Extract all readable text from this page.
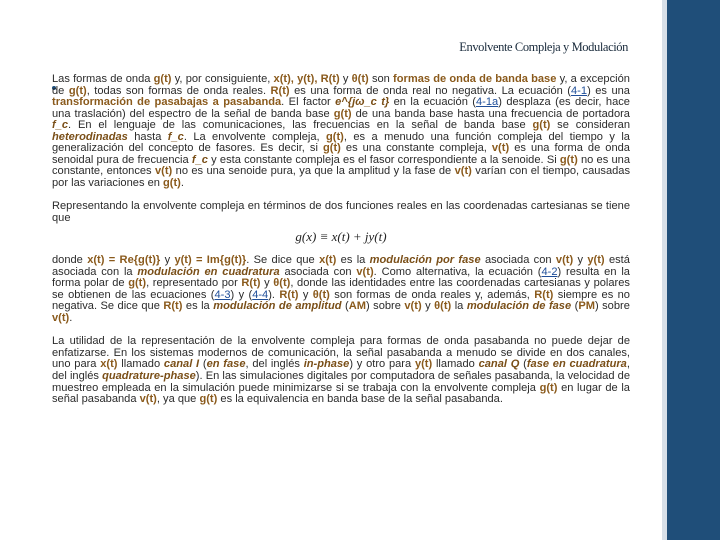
Envolvente Compleja y Modulación

Las formas de onda g(t) y, por consiguiente, x(t), y(t), R(t) y θ(t) son formas de onda de banda base y, a excepción de g(t), todas son formas de onda reales. R(t) es una forma de onda real no negativa. La ecuación (4-1) es una transformación de pasabajas a pasabanda. El factor e^{jω_c t} en la ecuación (4-1a) desplaza (es decir, hace una traslación) del espectro de la señal de banda base g(t) de una banda base hasta una frecuencia de portadora f_c. En el lenguaje de las comunicaciones, las frecuencias en la señal de banda base g(t) se consideran heterodinadas hasta f_c. La envolvente compleja, g(t), es a menudo una función compleja del tiempo y la generalización del concepto de fasores. Es decir, si g(t) es una constante compleja, v(t) es una forma de onda senoidal pura de frecuencia f_c y esta constante compleja es el fasor correspondiente a la senoide. Si g(t) no es una constante, entonces v(t) no es una senoide pura, ya que la amplitud y la fase de v(t) varían con el tiempo, causadas por las variaciones en g(t).

Representando la envolvente compleja en términos de dos funciones reales en las coordenadas cartesianas se tiene que

g(x) ≡ x(t) + jy(t)

donde x(t) = Re{g(t)} y y(t) = Im{g(t)}. Se dice que x(t) es la modulación por fase asociada con v(t) y y(t) está asociada con la modulación en cuadratura asociada con v(t). Como alternativa, la ecuación (4-2) resulta en la forma polar de g(t), representado por R(t) y θ(t), donde las identidades entre las coordenadas cartesianas y polares se obtienen de las ecuaciones (4-3) y (4-4). R(t) y θ(t) son formas de onda reales y, además, R(t) siempre es no negativa. Se dice que R(t) es la modulación de amplitud (AM) sobre v(t) y θ(t) la modulación de fase (PM) sobre v(t).

La utilidad de la representación de la envolvente compleja para formas de onda pasabanda no puede dejar de enfatizarse. En los sistemas modernos de comunicación, la señal pasabanda a menudo se divide en dos canales, uno para x(t) llamado canal I (en fase, del inglés in-phase) y otro para y(t) llamado canal Q (fase en cuadratura, del inglés quadrature-phase). En las simulaciones digitales por computadora de señales pasabanda, la velocidad de muestreo empleada en la simulación puede minimizarse si se trabaja con la envolvente compleja g(t) en lugar de la señal pasabanda v(t), ya que g(t) es la equivalencia en banda base de la señal pasabanda.
